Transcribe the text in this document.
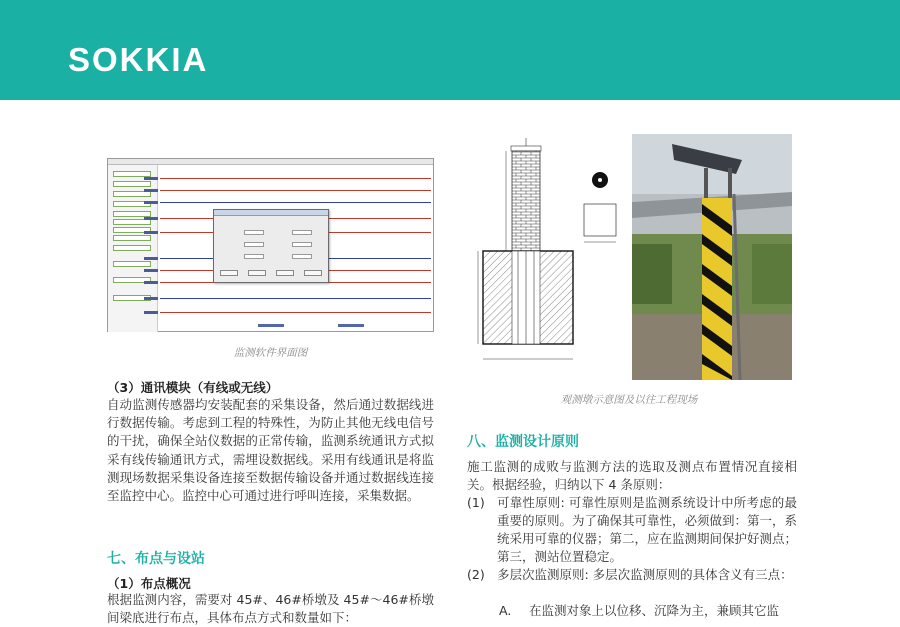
SOKKIA
监测软件界面图
（3）通讯模块（有线或无线）
自动监测传感器均安装配套的采集设备，然后通过数据线进行数据传输。考虑到工程的特殊性，为防止其他无线电信号的干扰，确保全站仪数据的正常传输，监测系统通讯方式拟采有线传输通讯方式，需埋设数据线。采用有线通讯是将监测现场数据采集设备连接至数据传输设备并通过数据线连接至监控中心。监控中心可通过进行呼叫连接，采集数据。
七、布点与设站
（1）布点概况
根据监测内容，需要对 45#、46#桥墩及 45#～46#桥墩间梁底进行布点，具体布点方式和数量如下：
观测墩示意图及以往工程现场
八、监测设计原则
施工监测的成败与监测方法的选取及测点布置情况直接相关。根据经验，归纳以下 4 条原则：
(1) 可靠性原则: 可靠性原则是监测系统设计中所考虑的最重要的原则。为了确保其可靠性，必须做到：第一，系统采用可靠的仪器；第二，应在监测期间保护好测点；第三，测站位置稳定。
(2) 多层次监测原则: 多层次监测原则的具体含义有三点：
A. 在监测对象上以位移、沉降为主，兼顾其它监
